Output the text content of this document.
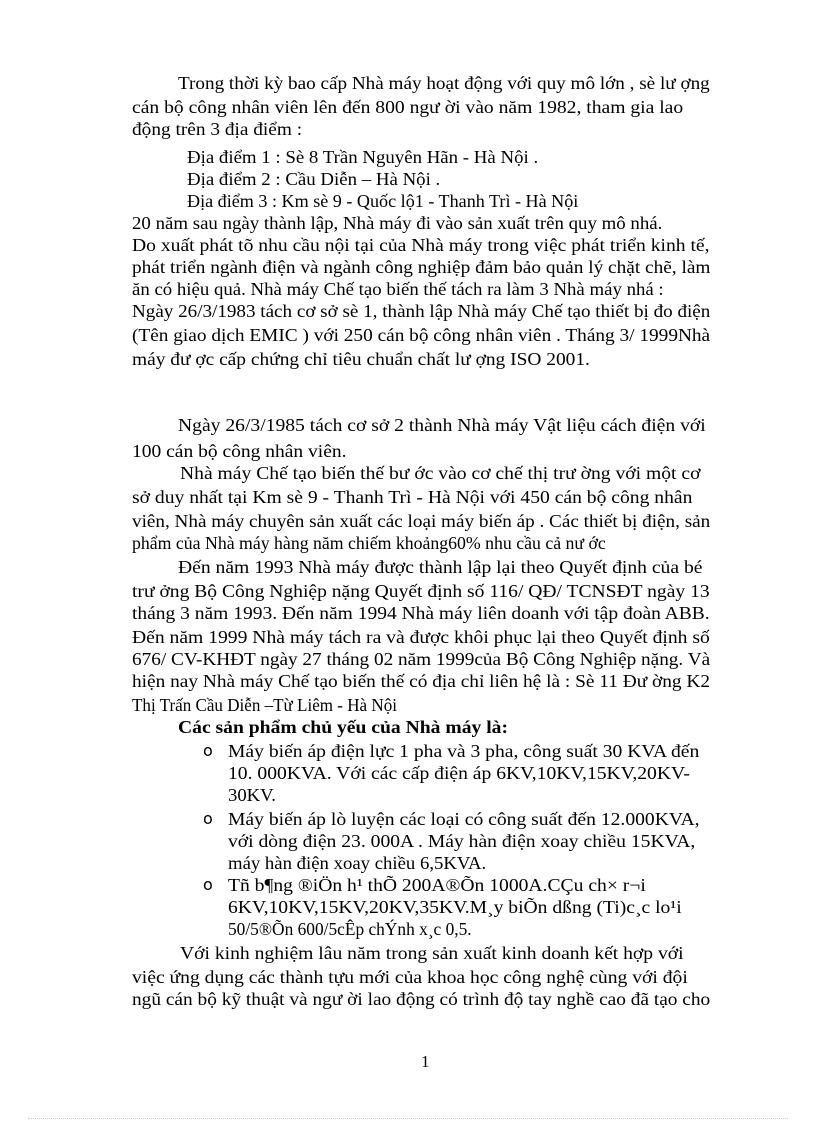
Trong thời kỳ bao cấp Nhà máy hoạt động với quy mô lớn , sè lư ợng
cán bộ công nhân viên lên đến 800 ngư ời vào năm 1982, tham gia lao
động trên 3 địa điểm :
Địa điểm 1 : Sè 8 Trần Nguyên Hãn - Hà Nội .
Địa điểm 2 : Cầu Diễn – Hà Nội .
Địa điểm 3 : Km sè 9 - Quốc lộ1 - Thanh Trì - Hà Nội
20 năm sau ngày thành lập, Nhà máy đi vào sản xuất trên quy mô nhá.
Do xuất phát tõ nhu cầu nội tại của Nhà máy trong việc phát triển kinh tế,
phát triển ngành điện và ngành công nghiệp đảm bảo quản lý chặt chẽ, làm
ăn có hiệu quả. Nhà máy Chế tạo biến thế tách ra làm 3 Nhà máy nhá :
Ngày 26/3/1983 tách cơ sở sè 1, thành lập Nhà máy Chế tạo thiết bị đo điện
(Tên giao dịch EMIC ) với 250 cán bộ công nhân viên . Tháng 3/ 1999Nhà
máy đư ợc cấp chứng chỉ tiêu chuẩn chất lư ợng ISO 2001.
Ngày 26/3/1985 tách cơ sở 2 thành Nhà máy Vật liệu cách điện với
100 cán bộ công nhân viên.
Nhà máy Chế tạo biến thế bư ớc vào cơ chế thị trư ờng với một cơ
sở duy nhất tại Km sè 9 - Thanh Trì - Hà Nội với 450 cán bộ công nhân
viên, Nhà máy chuyên sản xuất các loại máy biến áp . Các thiết bị điện, sản
phẩm của Nhà máy hàng năm chiếm khoảng60% nhu cầu cả nư ớc
Đến năm 1993 Nhà máy được thành lập lại theo Quyết định của bé
trư ởng Bộ Công Nghiệp nặng Quyết định số 116/ QĐ/ TCNSĐT ngày 13
tháng 3 năm 1993. Đến năm 1994 Nhà máy liên doanh với tập đoàn ABB.
Đến năm 1999 Nhà máy tách ra và được khôi phục lại theo Quyết định số
676/ CV-KHĐT ngày 27 tháng 02 năm 1999của Bộ Công Nghiệp nặng. Và
hiện nay Nhà máy Chế tạo biến thế có địa chỉ liên hệ là : Sè 11 Đư ờng K2
Thị Trấn Cầu Diễn –Từ Liêm - Hà Nội
Các sản phẩm chủ yếu của Nhà máy là:
o Máy biến áp điện lực 1 pha và 3 pha, công suất 30 KVA đến
10. 000KVA. Với các cấp điện áp 6KV,10KV,15KV,20KV-
30KV.
o Máy biến áp lò luyện các loại có công suất đến 12.000KVA,
với dòng điện 23. 000A . Máy hàn điện xoay chiều 15KVA,
máy hàn điện xoay chiều 6,5KVA.
o Tñ b¶ng ®iÖn h¹ thÕ 200A®Õn 1000A.CÇu ch× r¬i
6KV,10KV,15KV,20KV,35KV.M¸y biÕn dßng (Ti)c¸c lo¹i
50/5®Õn 600/5cÊp chÝnh x¸c 0,5.
Với kinh nghiệm lâu năm trong sản xuất kinh doanh kết hợp với
việc ứng dụng các thành tựu mới của khoa học công nghệ cùng với đội
ngũ cán bộ kỹ thuật và ngư ời lao động có trình độ tay nghề cao đã tạo cho
1
